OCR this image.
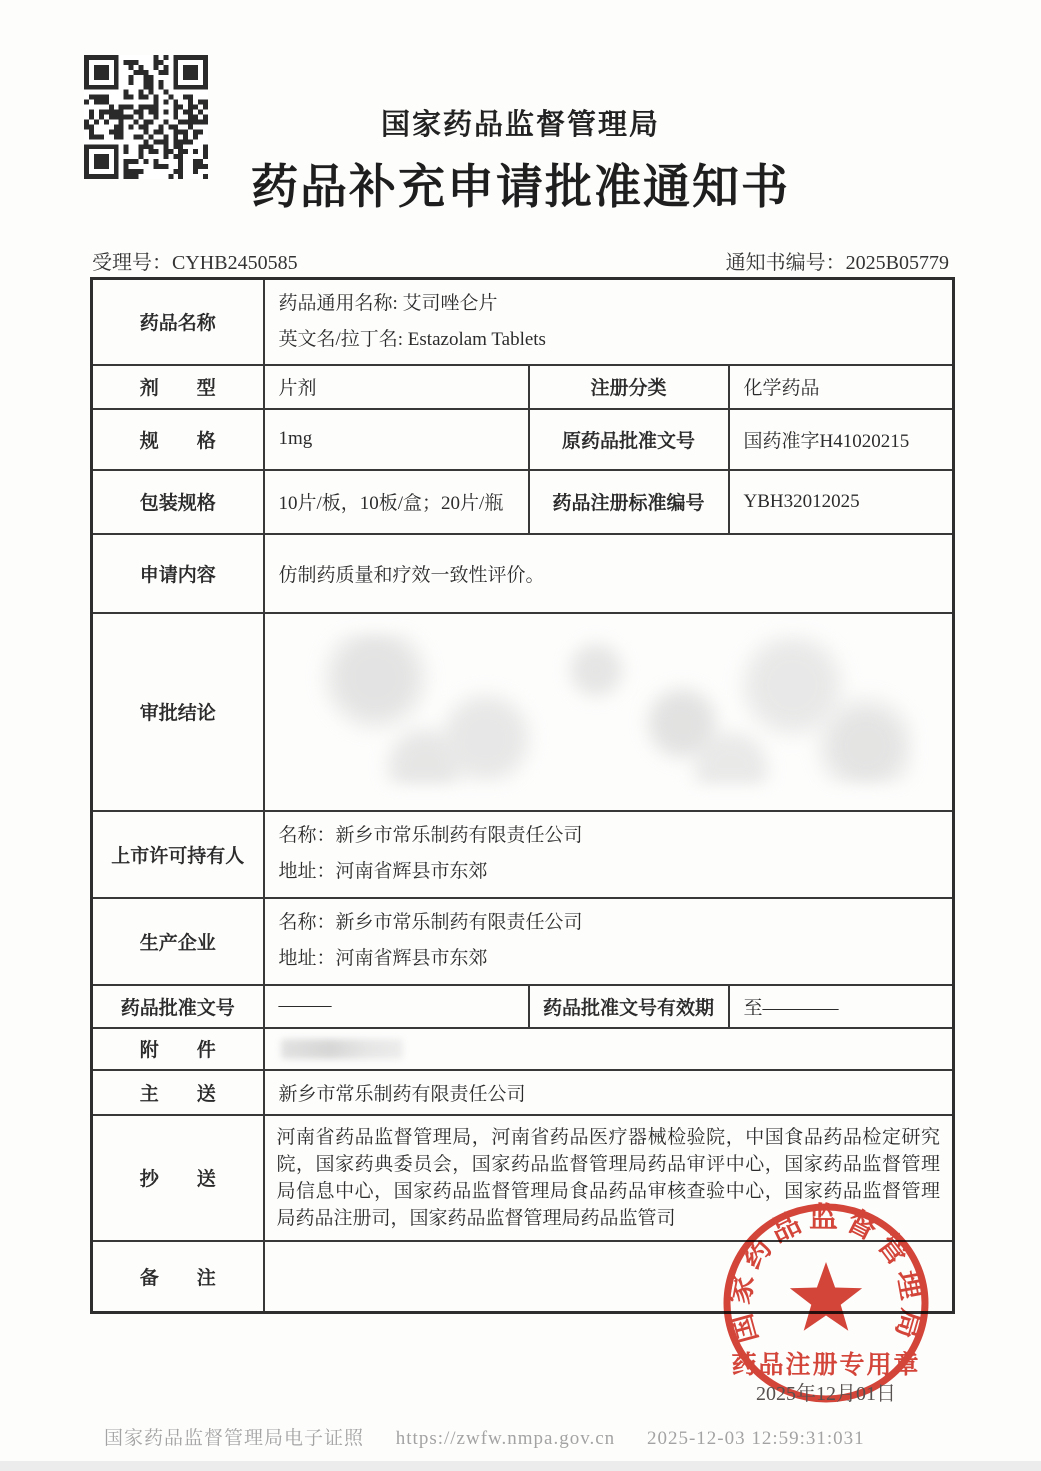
国家药品监督管理局
药品补充申请批准通知书
受理号：CYHB2450585	通知书编号：2025B05779
药品名称	药品通用名称: 艾司唑仑片
英文名/拉丁名: Estazolam Tablets		

剂　　型	片剂	注册分类	化学药品
规　　格	1mg	原药品批准文号	国药准字H41020215
包装规格	10片/板，10板/盒；20片/瓶	药品注册标准编号	YBH32012025
申请内容	仿制药质量和疗效一致性评价。		
审批结论			

上市许可持有人	名称：新乡市常乐制药有限责任公司
地址：河南省辉县市东郊		

生产企业	名称：新乡市常乐制药有限责任公司
地址：河南省辉县市东郊		

药品批准文号	———	药品批准文号有效期	至————
附　　件			

主　　送	新乡市常乐制药有限责任公司		
抄　　送	河南省药品监督管理局，河南省药品医疗器械检验院，中国食品药品检定研究院，国家药典委员会，国家药品监督管理局药品审评中心，国家药品监督管理局信息中心，国家药品监督管理局食品药品审核查验中心，国家药品监督管理局药品注册司，国家药品监督管理局药品监管司		
备　　注			
国家药品监督管理局
药品注册专用章
2025年12月01日
国家药品监督管理局电子证照 https://zwfw.nmpa.gov.cn 2025-12-03 12:59:31:031
